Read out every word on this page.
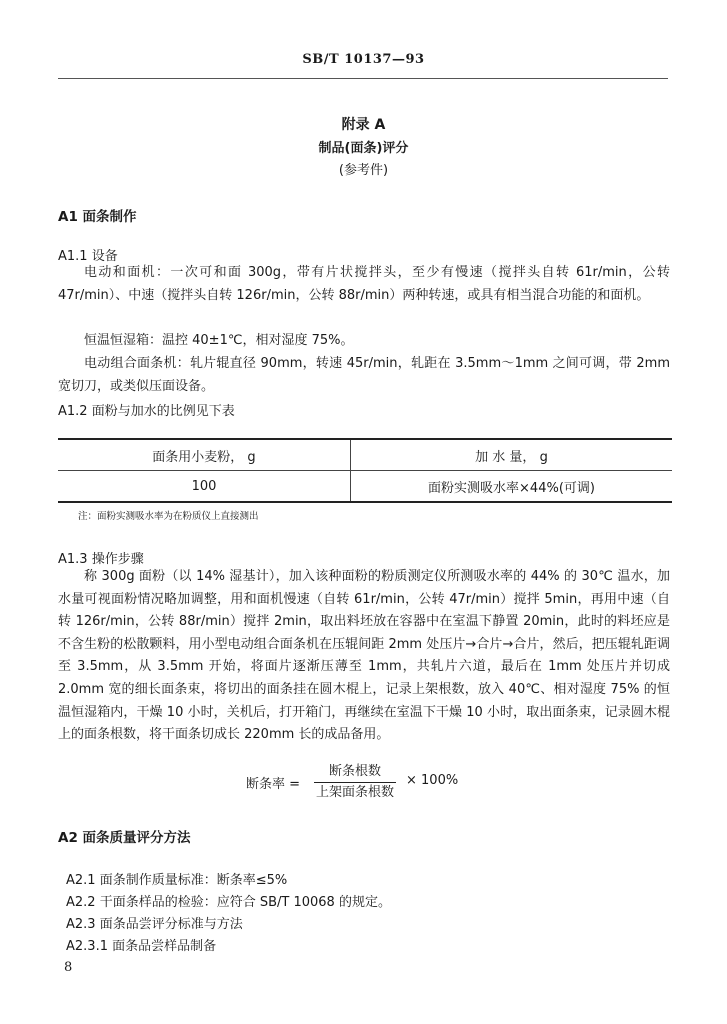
SB/T 10137—93
附录 A
制品(面条)评分
(参考件)
A1 面条制作
A1.1 设备
电动和面机：一次可和面 300g，带有片状搅拌头，至少有慢速（搅拌头自转 61r/min，公转 47r/min）、中速（搅拌头自转 126r/min，公转 88r/min）两种转速，或具有相当混合功能的和面机。
恒温恒湿箱：温控 40±1℃，相对湿度 75%。
电动组合面条机：轧片辊直径 90mm，转速 45r/min，轧距在 3.5mm～1mm 之间可调，带 2mm 宽切刀，或类似压面设备。
A1.2 面粉与加水的比例见下表
面条用小麦粉， g	加 水 量， g
100	面粉实测吸水率×44%(可调)
注：面粉实测吸水率为在粉质仪上直接测出
A1.3 操作步骤
称 300g 面粉（以 14% 湿基计），加入该种面粉的粉质测定仪所测吸水率的 44% 的 30℃ 温水，加水量可视面粉情况略加调整，用和面机慢速（自转 61r/min，公转 47r/min）搅拌 5min，再用中速（自转 126r/min，公转 88r/min）搅拌 2min，取出料坯放在容器中在室温下静置 20min，此时的料坯应是不含生粉的松散颗料，用小型电动组合面条机在压辊间距 2mm 处压片→合片→合片，然后，把压辊轧距调至 3.5mm，从 3.5mm 开始，将面片逐渐压薄至 1mm，共轧片六道，最后在 1mm 处压片并切成 2.0mm 宽的细长面条束，将切出的面条挂在圆木棍上，记录上架根数，放入 40℃、相对湿度 75% 的恒温恒湿箱内，干燥 10 小时，关机后，打开箱门，再继续在室温下干燥 10 小时，取出面条束，记录圆木棍上的面条根数，将干面条切成长 220mm 长的成品备用。
断条率 =
断条根数
上架面条根数
× 100%
A2 面条质量评分方法
A2.1 面条制作质量标准：断条率≤5%
A2.2 干面条样品的检验：应符合 SB/T 10068 的规定。
A2.3 面条品尝评分标准与方法
A2.3.1 面条品尝样品制备
8
